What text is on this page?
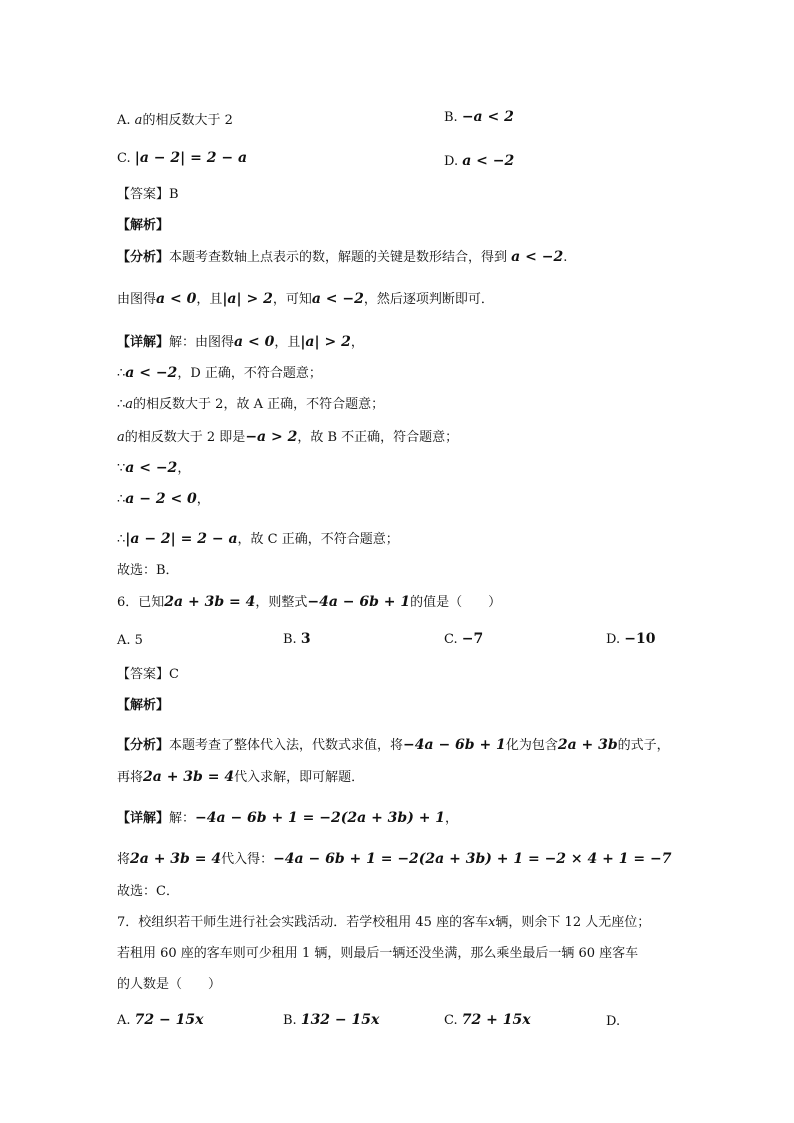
A. a的相反数大于 2	B. −a < 2
C. |a − 2| = 2 − a	D. a < −2
【答案】B
【解析】
【分析】本题考查数轴上点表示的数，解题的关键是数形结合，得到 a < −2.
由图得a < 0，且|a| > 2，可知a < −2，然后逐项判断即可．
【详解】解：由图得a < 0，且|a| > 2，
∴a < −2，D 正确，不符合题意；
∴a的相反数大于 2，故 A 正确，不符合题意；
a的相反数大于 2 即是−a > 2，故 B 不正确，符合题意；
∵a < −2，
∴a − 2 < 0，
∴|a − 2| = 2 − a，故 C 正确，不符合题意；
故选：B．
6．已知2a + 3b = 4，则整式−4a − 6b + 1的值是（　　）
A. 5	B. 3	C. −7	D. −10
【答案】C
【解析】
【分析】本题考查了整体代入法，代数式求值，将−4a − 6b + 1化为包含2a + 3b的式子，
再将2a + 3b = 4代入求解，即可解题．
【详解】解：−4a − 6b + 1 = −2(2a + 3b) + 1，
将2a + 3b = 4代入得：−4a − 6b + 1 = −2(2a + 3b) + 1 = −2 × 4 + 1 = −7
故选：C．
7．校组织若干师生进行社会实践活动．若学校租用 45 座的客车x辆，则余下 12 人无座位；
若租用 60 座的客车则可少租用 1 辆，则最后一辆还没坐满，那么乘坐最后一辆 60 座客车
的人数是（　　）
A. 72 − 15x	B. 132 − 15x	C. 72 + 15x	D.
